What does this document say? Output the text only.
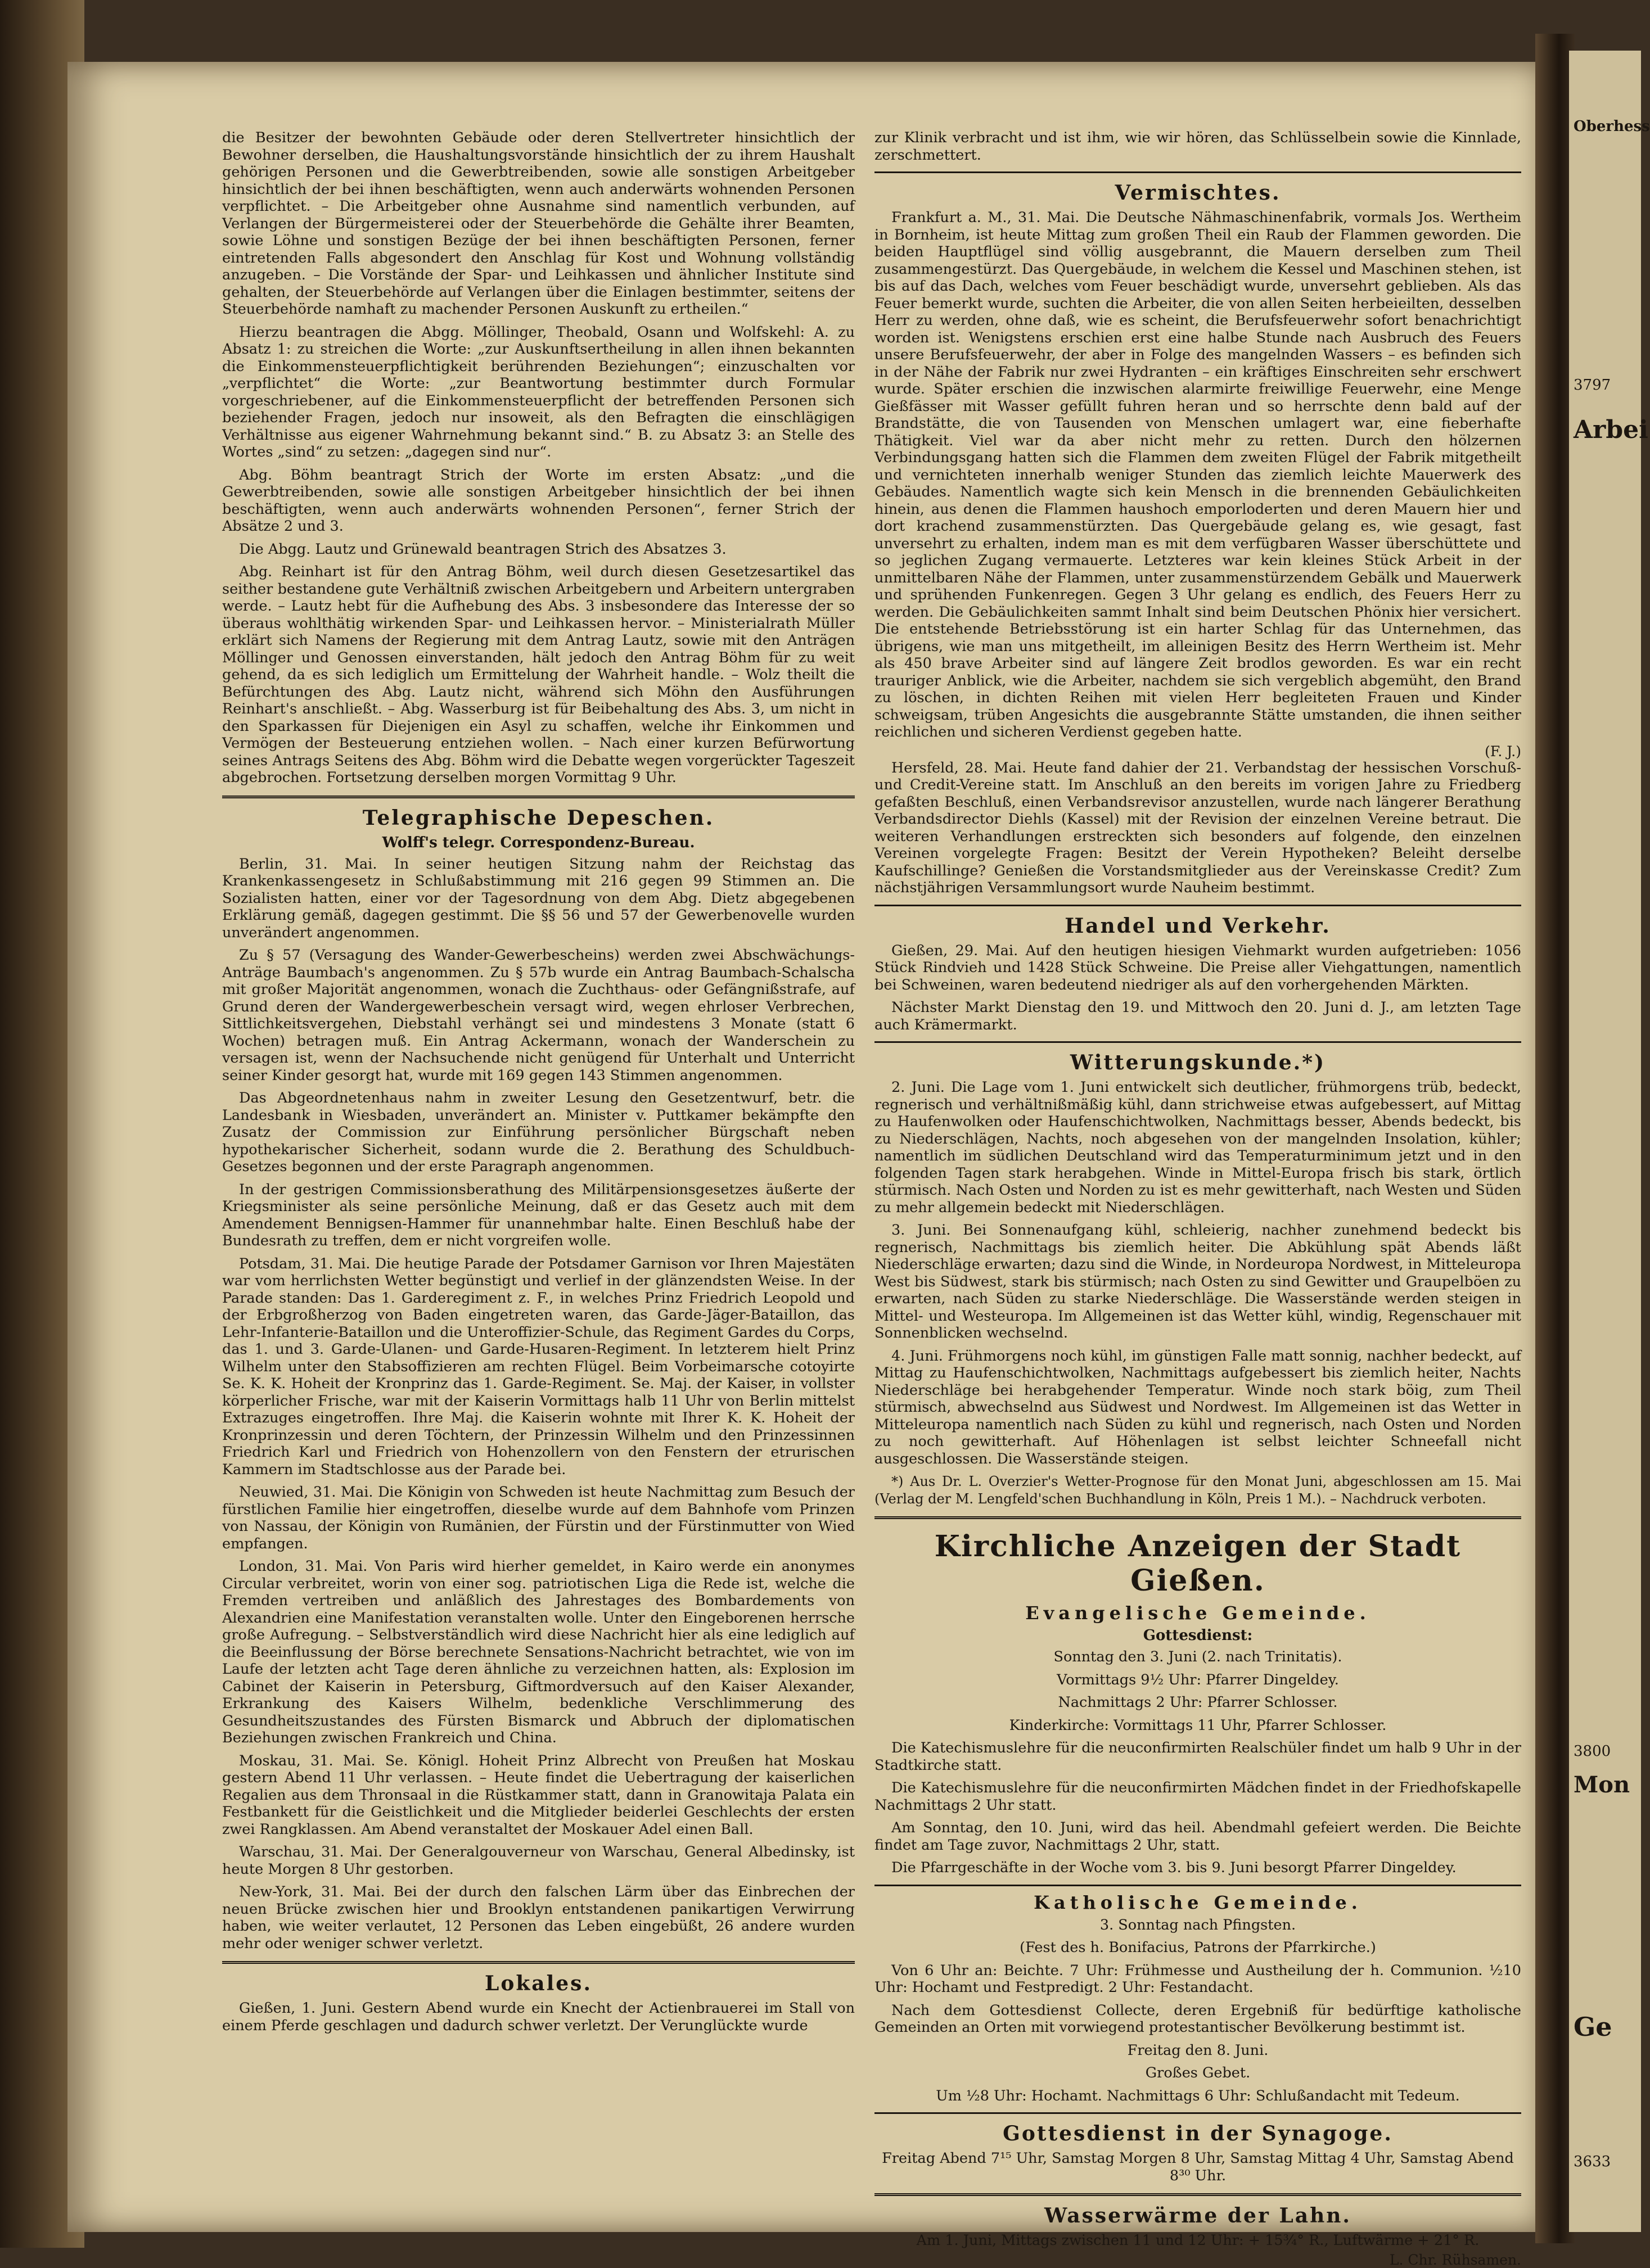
Oberhess
3797
Arbei
3800
Mon
Ge
3633

die Besitzer der bewohnten Gebäude oder deren Stellvertreter hinsichtlich der Bewohner derselben, die Haushaltungsvorstände hinsichtlich der zu ihrem Haushalt gehörigen Personen und die Gewerbtreibenden, sowie alle sonstigen Arbeitgeber hinsichtlich der bei ihnen beschäftigten, wenn auch anderwärts wohnenden Personen verpflichtet. – Die Arbeitgeber ohne Ausnahme sind namentlich verbunden, auf Verlangen der Bürgermeisterei oder der Steuerbehörde die Gehälte ihrer Beamten, sowie Löhne und sonstigen Bezüge der bei ihnen beschäftigten Personen, ferner eintretenden Falls abgesondert den Anschlag für Kost und Wohnung vollständig anzugeben. – Die Vorstände der Spar- und Leihkassen und ähnlicher Institute sind gehalten, der Steuerbehörde auf Verlangen über die Einlagen bestimmter, seitens der Steuerbehörde namhaft zu machender Personen Auskunft zu ertheilen.“

Hierzu beantragen die Abgg. Möllinger, Theobald, Osann und Wolfskehl: A. zu Absatz 1: zu streichen die Worte: „zur Auskunftsertheilung in allen ihnen bekannten die Einkommensteuerpflichtigkeit berührenden Beziehungen“; einzuschalten vor „verpflichtet“ die Worte: „zur Beantwortung bestimmter durch Formular vorgeschriebener, auf die Einkommensteuerpflicht der betreffenden Personen sich beziehender Fragen, jedoch nur insoweit, als den Befragten die einschlägigen Verhältnisse aus eigener Wahrnehmung bekannt sind.“ B. zu Absatz 3: an Stelle des Wortes „sind“ zu setzen: „dagegen sind nur“.

Abg. Böhm beantragt Strich der Worte im ersten Absatz: „und die Gewerbtreibenden, sowie alle sonstigen Arbeitgeber hinsichtlich der bei ihnen beschäftigten, wenn auch anderwärts wohnenden Personen“, ferner Strich der Absätze 2 und 3.

Die Abgg. Lautz und Grünewald beantragen Strich des Absatzes 3.

Abg. Reinhart ist für den Antrag Böhm, weil durch diesen Gesetzesartikel das seither bestandene gute Verhältniß zwischen Arbeitgebern und Arbeitern untergraben werde. – Lautz hebt für die Aufhebung des Abs. 3 insbesondere das Interesse der so überaus wohlthätig wirkenden Spar- und Leihkassen hervor. – Ministerialrath Müller erklärt sich Namens der Regierung mit dem Antrag Lautz, sowie mit den Anträgen Möllinger und Genossen einverstanden, hält jedoch den Antrag Böhm für zu weit gehend, da es sich lediglich um Ermittelung der Wahrheit handle. – Wolz theilt die Befürchtungen des Abg. Lautz nicht, während sich Möhn den Ausführungen Reinhart's anschließt. – Abg. Wasserburg ist für Beibehaltung des Abs. 3, um nicht in den Sparkassen für Diejenigen ein Asyl zu schaffen, welche ihr Einkommen und Vermögen der Besteuerung entziehen wollen. – Nach einer kurzen Befürwortung seines Antrags Seitens des Abg. Böhm wird die Debatte wegen vorgerückter Tageszeit abgebrochen. Fortsetzung derselben morgen Vormittag 9 Uhr.

Telegraphische Depeschen.
Wolff's telegr. Correspondenz-Bureau.

Berlin, 31. Mai. In seiner heutigen Sitzung nahm der Reichstag das Krankenkassengesetz in Schlußabstimmung mit 216 gegen 99 Stimmen an. Die Sozialisten hatten, einer vor der Tagesordnung von dem Abg. Dietz abgegebenen Erklärung gemäß, dagegen gestimmt. Die §§ 56 und 57 der Gewerbenovelle wurden unverändert angenommen.

Zu § 57 (Versagung des Wander-Gewerbescheins) werden zwei Abschwächungs-Anträge Baumbach's angenommen. Zu § 57b wurde ein Antrag Baumbach-Schalscha mit großer Majorität angenommen, wonach die Zuchthaus- oder Gefängnißstrafe, auf Grund deren der Wandergewerbeschein versagt wird, wegen ehrloser Verbrechen, Sittlichkeitsvergehen, Diebstahl verhängt sei und mindestens 3 Monate (statt 6 Wochen) betragen muß. Ein Antrag Ackermann, wonach der Wanderschein zu versagen ist, wenn der Nachsuchende nicht genügend für Unterhalt und Unterricht seiner Kinder gesorgt hat, wurde mit 169 gegen 143 Stimmen angenommen.

Das Abgeordnetenhaus nahm in zweiter Lesung den Gesetzentwurf, betr. die Landesbank in Wiesbaden, unverändert an. Minister v. Puttkamer bekämpfte den Zusatz der Commission zur Einführung persönlicher Bürgschaft neben hypothekarischer Sicherheit, sodann wurde die 2. Berathung des Schuldbuch-Gesetzes begonnen und der erste Paragraph angenommen.

In der gestrigen Commissionsberathung des Militärpensionsgesetzes äußerte der Kriegsminister als seine persönliche Meinung, daß er das Gesetz auch mit dem Amendement Bennigsen-Hammer für unannehmbar halte. Einen Beschluß habe der Bundesrath zu treffen, dem er nicht vorgreifen wolle.

Potsdam, 31. Mai. Die heutige Parade der Potsdamer Garnison vor Ihren Majestäten war vom herrlichsten Wetter begünstigt und verlief in der glänzendsten Weise. In der Parade standen: Das 1. Garderegiment z. F., in welches Prinz Friedrich Leopold und der Erbgroßherzog von Baden eingetreten waren, das Garde-Jäger-Bataillon, das Lehr-Infanterie-Bataillon und die Unteroffizier-Schule, das Regiment Gardes du Corps, das 1. und 3. Garde-Ulanen- und Garde-Husaren-Regiment. In letzterem hielt Prinz Wilhelm unter den Stabsoffizieren am rechten Flügel. Beim Vorbeimarsche cotoyirte Se. K. K. Hoheit der Kronprinz das 1. Garde-Regiment. Se. Maj. der Kaiser, in vollster körperlicher Frische, war mit der Kaiserin Vormittags halb 11 Uhr von Berlin mittelst Extrazuges eingetroffen. Ihre Maj. die Kaiserin wohnte mit Ihrer K. K. Hoheit der Kronprinzessin und deren Töchtern, der Prinzessin Wilhelm und den Prinzessinnen Friedrich Karl und Friedrich von Hohenzollern von den Fenstern der etrurischen Kammern im Stadtschlosse aus der Parade bei.

Neuwied, 31. Mai. Die Königin von Schweden ist heute Nachmittag zum Besuch der fürstlichen Familie hier eingetroffen, dieselbe wurde auf dem Bahnhofe vom Prinzen von Nassau, der Königin von Rumänien, der Fürstin und der Fürstinmutter von Wied empfangen.

London, 31. Mai. Von Paris wird hierher gemeldet, in Kairo werde ein anonymes Circular verbreitet, worin von einer sog. patriotischen Liga die Rede ist, welche die Fremden vertreiben und anläßlich des Jahrestages des Bombardements von Alexandrien eine Manifestation veranstalten wolle. Unter den Eingeborenen herrsche große Aufregung. – Selbstverständlich wird diese Nachricht hier als eine lediglich auf die Beeinflussung der Börse berechnete Sensations-Nachricht betrachtet, wie von im Laufe der letzten acht Tage deren ähnliche zu verzeichnen hatten, als: Explosion im Cabinet der Kaiserin in Petersburg, Giftmordversuch auf den Kaiser Alexander, Erkrankung des Kaisers Wilhelm, bedenkliche Verschlimmerung des Gesundheitszustandes des Fürsten Bismarck und Abbruch der diplomatischen Beziehungen zwischen Frankreich und China.

Moskau, 31. Mai. Se. Königl. Hoheit Prinz Albrecht von Preußen hat Moskau gestern Abend 11 Uhr verlassen. – Heute findet die Uebertragung der kaiserlichen Regalien aus dem Thronsaal in die Rüstkammer statt, dann in Granowitaja Palata ein Festbankett für die Geistlichkeit und die Mitglieder beiderlei Geschlechts der ersten zwei Rangklassen. Am Abend veranstaltet der Moskauer Adel einen Ball.

Warschau, 31. Mai. Der Generalgouverneur von Warschau, General Albedinsky, ist heute Morgen 8 Uhr gestorben.

New-York, 31. Mai. Bei der durch den falschen Lärm über das Einbrechen der neuen Brücke zwischen hier und Brooklyn entstandenen panikartigen Verwirrung haben, wie weiter verlautet, 12 Personen das Leben eingebüßt, 26 andere wurden mehr oder weniger schwer verletzt.

Lokales.

Gießen, 1. Juni. Gestern Abend wurde ein Knecht der Actienbrauerei im Stall von einem Pferde geschlagen und dadurch schwer verletzt. Der Verunglückte wurde

zur Klinik verbracht und ist ihm, wie wir hören, das Schlüsselbein sowie die Kinnlade, zerschmettert.

Vermischtes.

Frankfurt a. M., 31. Mai. Die Deutsche Nähmaschinenfabrik, vormals Jos. Wertheim in Bornheim, ist heute Mittag zum großen Theil ein Raub der Flammen geworden. Die beiden Hauptflügel sind völlig ausgebrannt, die Mauern derselben zum Theil zusammengestürzt. Das Quergebäude, in welchem die Kessel und Maschinen stehen, ist bis auf das Dach, welches vom Feuer beschädigt wurde, unversehrt geblieben. Als das Feuer bemerkt wurde, suchten die Arbeiter, die von allen Seiten herbeieilten, desselben Herr zu werden, ohne daß, wie es scheint, die Berufsfeuerwehr sofort benachrichtigt worden ist. Wenigstens erschien erst eine halbe Stunde nach Ausbruch des Feuers unsere Berufsfeuerwehr, der aber in Folge des mangelnden Wassers – es befinden sich in der Nähe der Fabrik nur zwei Hydranten – ein kräftiges Einschreiten sehr erschwert wurde. Später erschien die inzwischen alarmirte freiwillige Feuerwehr, eine Menge Gießfässer mit Wasser gefüllt fuhren heran und so herrschte denn bald auf der Brandstätte, die von Tausenden von Menschen umlagert war, eine fieberhafte Thätigkeit. Viel war da aber nicht mehr zu retten. Durch den hölzernen Verbindungsgang hatten sich die Flammen dem zweiten Flügel der Fabrik mitgetheilt und vernichteten innerhalb weniger Stunden das ziemlich leichte Mauerwerk des Gebäudes. Namentlich wagte sich kein Mensch in die brennenden Gebäulichkeiten hinein, aus denen die Flammen haushoch emporloderten und deren Mauern hier und dort krachend zusammenstürzten. Das Quergebäude gelang es, wie gesagt, fast unversehrt zu erhalten, indem man es mit dem verfügbaren Wasser überschüttete und so jeglichen Zugang vermauerte. Letzteres war kein kleines Stück Arbeit in der unmittelbaren Nähe der Flammen, unter zusammenstürzendem Gebälk und Mauerwerk und sprühenden Funkenregen. Gegen 3 Uhr gelang es endlich, des Feuers Herr zu werden. Die Gebäulichkeiten sammt Inhalt sind beim Deutschen Phönix hier versichert. Die entstehende Betriebsstörung ist ein harter Schlag für das Unternehmen, das übrigens, wie man uns mitgetheilt, im alleinigen Besitz des Herrn Wertheim ist. Mehr als 450 brave Arbeiter sind auf längere Zeit brodlos geworden. Es war ein recht trauriger Anblick, wie die Arbeiter, nachdem sie sich vergeblich abgemüht, den Brand zu löschen, in dichten Reihen mit vielen Herr begleiteten Frauen und Kinder schweigsam, trüben Angesichts die ausgebrannte Stätte umstanden, die ihnen seither reichlichen und sicheren Verdienst gegeben hatte.

(F. J.)

Hersfeld, 28. Mai. Heute fand dahier der 21. Verbandstag der hessischen Vorschuß- und Credit-Vereine statt. Im Anschluß an den bereits im vorigen Jahre zu Friedberg gefaßten Beschluß, einen Verbandsrevisor anzustellen, wurde nach längerer Berathung Verbandsdirector Diehls (Kassel) mit der Revision der einzelnen Vereine betraut. Die weiteren Verhandlungen erstreckten sich besonders auf folgende, den einzelnen Vereinen vorgelegte Fragen: Besitzt der Verein Hypotheken? Beleiht derselbe Kaufschillinge? Genießen die Vorstandsmitglieder aus der Vereinskasse Credit? Zum nächstjährigen Versammlungsort wurde Nauheim bestimmt.

Handel und Verkehr.

Gießen, 29. Mai. Auf den heutigen hiesigen Viehmarkt wurden aufgetrieben: 1056 Stück Rindvieh und 1428 Stück Schweine. Die Preise aller Viehgattungen, namentlich bei Schweinen, waren bedeutend niedriger als auf den vorhergehenden Märkten.

Nächster Markt Dienstag den 19. und Mittwoch den 20. Juni d. J., am letzten Tage auch Krämermarkt.

Witterungskunde.*)

2. Juni. Die Lage vom 1. Juni entwickelt sich deutlicher, frühmorgens trüb, bedeckt, regnerisch und verhältnißmäßig kühl, dann strichweise etwas aufgebessert, auf Mittag zu Haufenwolken oder Haufenschichtwolken, Nachmittags besser, Abends bedeckt, bis zu Niederschlägen, Nachts, noch abgesehen von der mangelnden Insolation, kühler; namentlich im südlichen Deutschland wird das Temperaturminimum jetzt und in den folgenden Tagen stark herabgehen. Winde in Mittel-Europa frisch bis stark, örtlich stürmisch. Nach Osten und Norden zu ist es mehr gewitterhaft, nach Westen und Süden zu mehr allgemein bedeckt mit Niederschlägen.

3. Juni. Bei Sonnenaufgang kühl, schleierig, nachher zunehmend bedeckt bis regnerisch, Nachmittags bis ziemlich heiter. Die Abkühlung spät Abends läßt Niederschläge erwarten; dazu sind die Winde, in Nordeuropa Nordwest, in Mitteleuropa West bis Südwest, stark bis stürmisch; nach Osten zu sind Gewitter und Graupelböen zu erwarten, nach Süden zu starke Niederschläge. Die Wasserstände werden steigen in Mittel- und Westeuropa. Im Allgemeinen ist das Wetter kühl, windig, Regenschauer mit Sonnenblicken wechselnd.

4. Juni. Frühmorgens noch kühl, im günstigen Falle matt sonnig, nachher bedeckt, auf Mittag zu Haufenschichtwolken, Nachmittags aufgebessert bis ziemlich heiter, Nachts Niederschläge bei herabgehender Temperatur. Winde noch stark böig, zum Theil stürmisch, abwechselnd aus Südwest und Nordwest. Im Allgemeinen ist das Wetter in Mitteleuropa namentlich nach Süden zu kühl und regnerisch, nach Osten und Norden zu noch gewitterhaft. Auf Höhenlagen ist selbst leichter Schneefall nicht ausgeschlossen. Die Wasserstände steigen.

*) Aus Dr. L. Overzier's Wetter-Prognose für den Monat Juni, abgeschlossen am 15. Mai (Verlag der M. Lengfeld'schen Buchhandlung in Köln, Preis 1 M.). – Nachdruck verboten.

Kirchliche Anzeigen der Stadt Gießen.
Evangelische Gemeinde.
Gottesdienst:

Sonntag den 3. Juni (2. nach Trinitatis).

Vormittags 9½ Uhr: Pfarrer Dingeldey.

Nachmittags 2 Uhr: Pfarrer Schlosser.

Kinderkirche: Vormittags 11 Uhr, Pfarrer Schlosser.

Die Katechismuslehre für die neuconfirmirten Realschüler findet um halb 9 Uhr in der Stadtkirche statt.

Die Katechismuslehre für die neuconfirmirten Mädchen findet in der Friedhofskapelle Nachmittags 2 Uhr statt.

Am Sonntag, den 10. Juni, wird das heil. Abendmahl gefeiert werden. Die Beichte findet am Tage zuvor, Nachmittags 2 Uhr, statt.

Die Pfarrgeschäfte in der Woche vom 3. bis 9. Juni besorgt Pfarrer Dingeldey.

Katholische Gemeinde.

3. Sonntag nach Pfingsten.

(Fest des h. Bonifacius, Patrons der Pfarrkirche.)

Von 6 Uhr an: Beichte. 7 Uhr: Frühmesse und Austheilung der h. Communion. ½10 Uhr: Hochamt und Festpredigt. 2 Uhr: Festandacht.

Nach dem Gottesdienst Collecte, deren Ergebniß für bedürftige katholische Gemeinden an Orten mit vorwiegend protestantischer Bevölkerung bestimmt ist.

Freitag den 8. Juni.

Großes Gebet.

Um ½8 Uhr: Hochamt. Nachmittags 6 Uhr: Schlußandacht mit Tedeum.

Gottesdienst in der Synagoge.

Freitag Abend 7¹⁵ Uhr, Samstag Morgen 8 Uhr, Samstag Mittag 4 Uhr, Samstag Abend 8³⁰ Uhr.

Wasserwärme der Lahn.

Am 1. Juni, Mittags zwischen 11 und 12 Uhr: + 15¾° R., Luftwärme + 21° R.

L. Chr. Rühsamen.
